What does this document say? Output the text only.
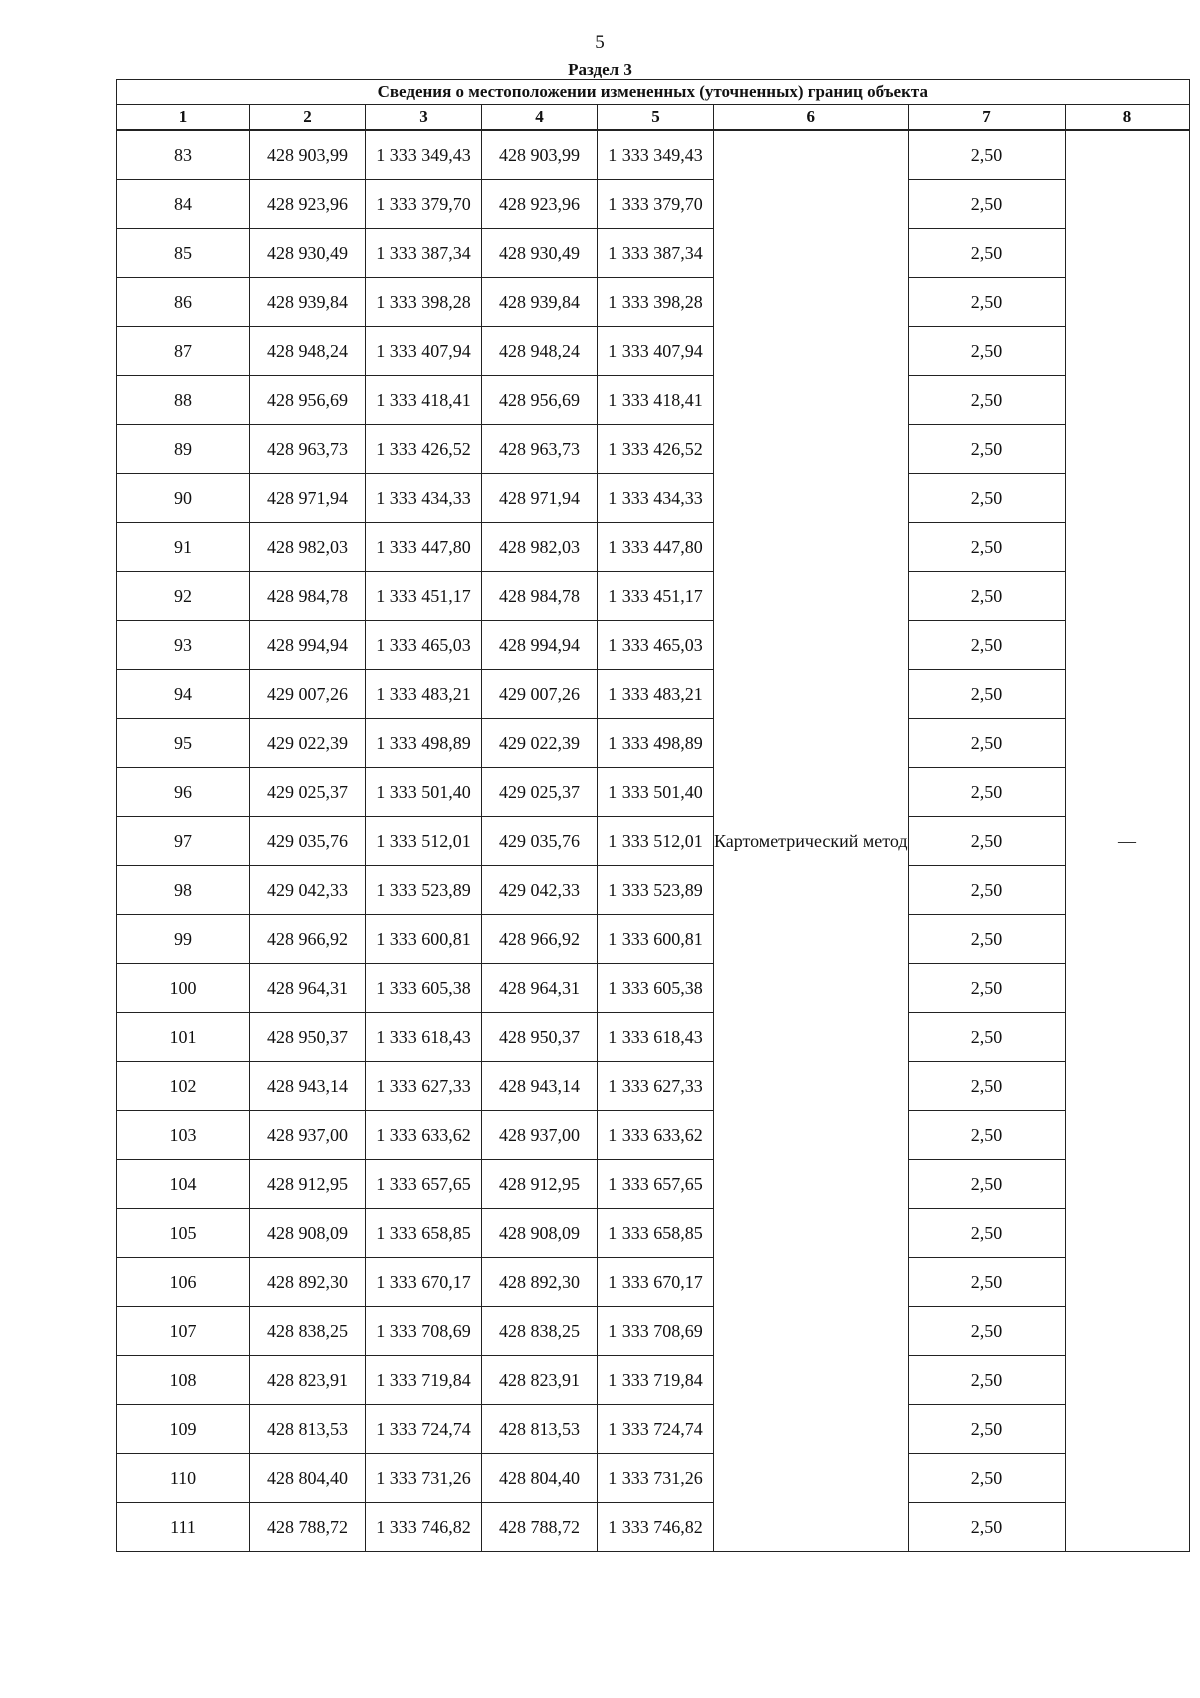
5
Раздел 3
Сведения о местоположении измененных (уточненных) границ объекта							
1	2	3	4	5	6	7	8
83	428 903,99	1 333 349,43	428 903,99	1 333 349,43	Картометрический метод	2,50	—
84	428 923,96	1 333 379,70	428 923,96	1 333 379,70		2,50	
85	428 930,49	1 333 387,34	428 930,49	1 333 387,34		2,50	
86	428 939,84	1 333 398,28	428 939,84	1 333 398,28		2,50	
87	428 948,24	1 333 407,94	428 948,24	1 333 407,94		2,50	
88	428 956,69	1 333 418,41	428 956,69	1 333 418,41		2,50	
89	428 963,73	1 333 426,52	428 963,73	1 333 426,52		2,50	
90	428 971,94	1 333 434,33	428 971,94	1 333 434,33		2,50	
91	428 982,03	1 333 447,80	428 982,03	1 333 447,80		2,50	
92	428 984,78	1 333 451,17	428 984,78	1 333 451,17		2,50	
93	428 994,94	1 333 465,03	428 994,94	1 333 465,03		2,50	
94	429 007,26	1 333 483,21	429 007,26	1 333 483,21		2,50	
95	429 022,39	1 333 498,89	429 022,39	1 333 498,89		2,50	
96	429 025,37	1 333 501,40	429 025,37	1 333 501,40		2,50	
97	429 035,76	1 333 512,01	429 035,76	1 333 512,01		2,50	
98	429 042,33	1 333 523,89	429 042,33	1 333 523,89		2,50	
99	428 966,92	1 333 600,81	428 966,92	1 333 600,81		2,50	
100	428 964,31	1 333 605,38	428 964,31	1 333 605,38		2,50	
101	428 950,37	1 333 618,43	428 950,37	1 333 618,43		2,50	
102	428 943,14	1 333 627,33	428 943,14	1 333 627,33		2,50	
103	428 937,00	1 333 633,62	428 937,00	1 333 633,62		2,50	
104	428 912,95	1 333 657,65	428 912,95	1 333 657,65		2,50	
105	428 908,09	1 333 658,85	428 908,09	1 333 658,85		2,50	
106	428 892,30	1 333 670,17	428 892,30	1 333 670,17		2,50	
107	428 838,25	1 333 708,69	428 838,25	1 333 708,69		2,50	
108	428 823,91	1 333 719,84	428 823,91	1 333 719,84		2,50	
109	428 813,53	1 333 724,74	428 813,53	1 333 724,74		2,50	
110	428 804,40	1 333 731,26	428 804,40	1 333 731,26		2,50	
111	428 788,72	1 333 746,82	428 788,72	1 333 746,82		2,50	
